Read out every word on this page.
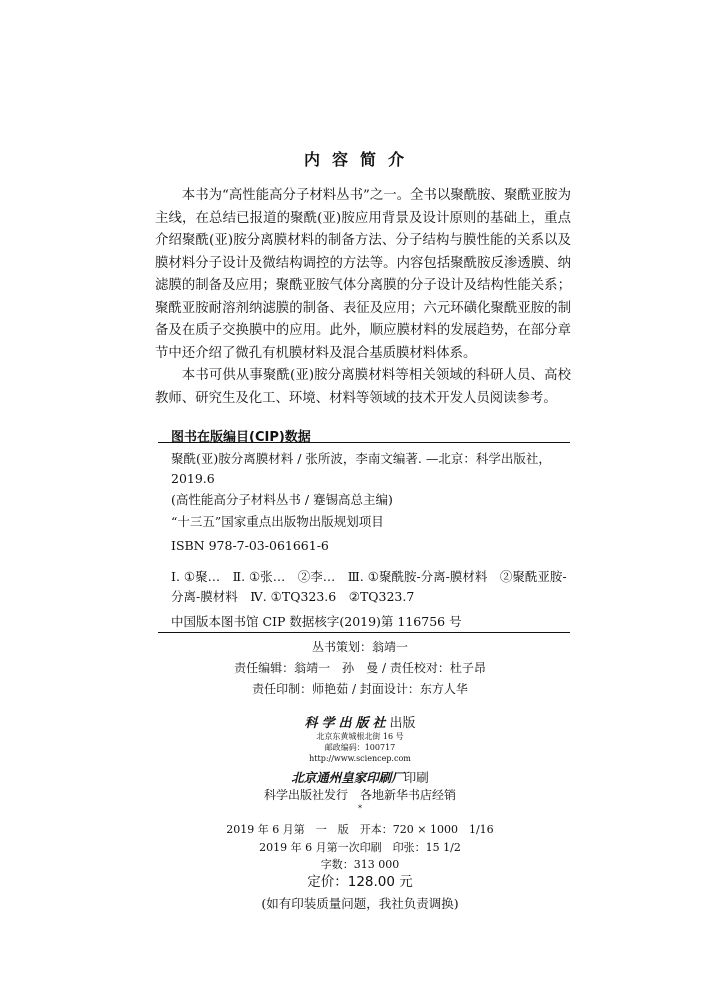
内容简介

本书为“高性能高分子材料丛书”之一。全书以聚酰胺、聚酰亚胺为主线，在总结已报道的聚酰(亚)胺应用背景及设计原则的基础上，重点介绍聚酰(亚)胺分离膜材料的制备方法、分子结构与膜性能的关系以及膜材料分子设计及微结构调控的方法等。内容包括聚酰胺反渗透膜、纳滤膜的制备及应用；聚酰亚胺气体分离膜的分子设计及结构性能关系；聚酰亚胺耐溶剂纳滤膜的制备、表征及应用；六元环磺化聚酰亚胺的制备及在质子交换膜中的应用。此外，顺应膜材料的发展趋势，在部分章节中还介绍了微孔有机膜材料及混合基质膜材料体系。

本书可供从事聚酰(亚)胺分离膜材料等相关领域的科研人员、高校教师、研究生及化工、环境、材料等领域的技术开发人员阅读参考。

图书在版编目(CIP)数据
聚酰(亚)胺分离膜材料 / 张所波，李南文编著. —北京：科学出版社，2019.6
(高性能高分子材料丛书 / 蹇锡高总主编)
“十三五”国家重点出版物出版规划项目
ISBN 978-7-03-061661-6
Ⅰ. ①聚…　Ⅱ. ①张…　②李…　Ⅲ. ①聚酰胺-分离-膜材料　②聚酰亚胺-分离-膜材料　Ⅳ. ①TQ323.6　②TQ323.7
中国版本图书馆 CIP 数据核字(2019)第 116756 号
丛书策划：翁靖一
责任编辑：翁靖一　孙　曼 / 责任校对：杜子昂
责任印制：师艳茹 / 封面设计：东方人华
科学出版社出版
北京东黄城根北街 16 号
邮政编码：100717
http://www.sciencep.com
北京通州皇家印刷厂印刷
科学出版社发行　各地新华书店经销
*
2019 年 6 月第　一　版　开本：720 × 1000　1/16
2019 年 6 月第一次印刷　印张：15 1/2
字数：313 000
定价：128.00 元
(如有印装质量问题，我社负责调换)
